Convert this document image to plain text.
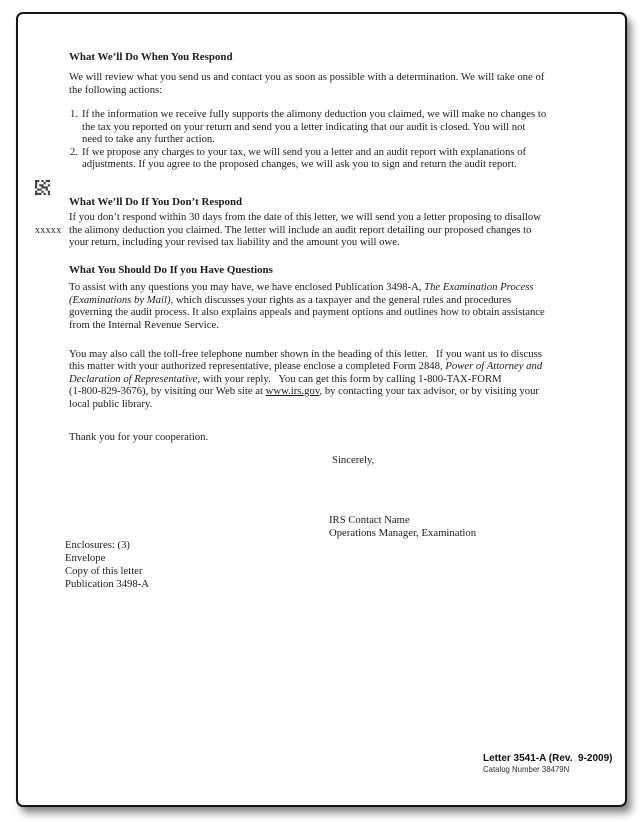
What We’ll Do When You Respond
We will review what you send us and contact you as soon as possible with a determination. We will take one of
the following actions:
1. If the information we receive fully supports the alimony deduction you claimed, we will make no changes to
the tax you reported on your return and send you a letter indicating that our audit is closed. You will not
need to take any further action.
2. If we propose any charges to your tax, we will send you a letter and an audit report with explanations of
adjustments. If you agree to the proposed changes, we will ask you to sign and return the audit report.
What We’ll Do If You Don’t Respond
If you don’t respond within 30 days from the date of this letter, we will send you a letter proposing to disallow
the alimony deduction you claimed. The letter will include an audit report detailing our proposed changes to
your return, including your revised tax liability and the amount you will owe.
What You Should Do If you Have Questions
To assist with any questions you may have, we have enclosed Publication 3498-A, The Examination Process
(Examinations by Mail), which discusses your rights as a taxpayer and the general rules and procedures
governing the audit process. It also explains appeals and payment options and outlines how to obtain assistance
from the Internal Revenue Service.
You may also call the toll-free telephone number shown in the heading of this letter.   If you want us to discuss
this matter with your authorized representative, please enclose a completed Form 2848, Power of Attorney and
Declaration of Representative, with your reply.   You can get this form by calling 1-800-TAX-FORM
(1-800-829-3676), by visiting our Web site at www.irs.gov, by contacting your tax advisor, or by visiting your
local public library.
Thank you for your cooperation.
xxxxx
Sincerely,
IRS Contact Name
Operations Manager, Examination
Enclosures: (3)
Envelope
Copy of this letter
Publication 3498-A
Letter 3541-A (Rev.  9-2009)
Catalog Number 38479N
